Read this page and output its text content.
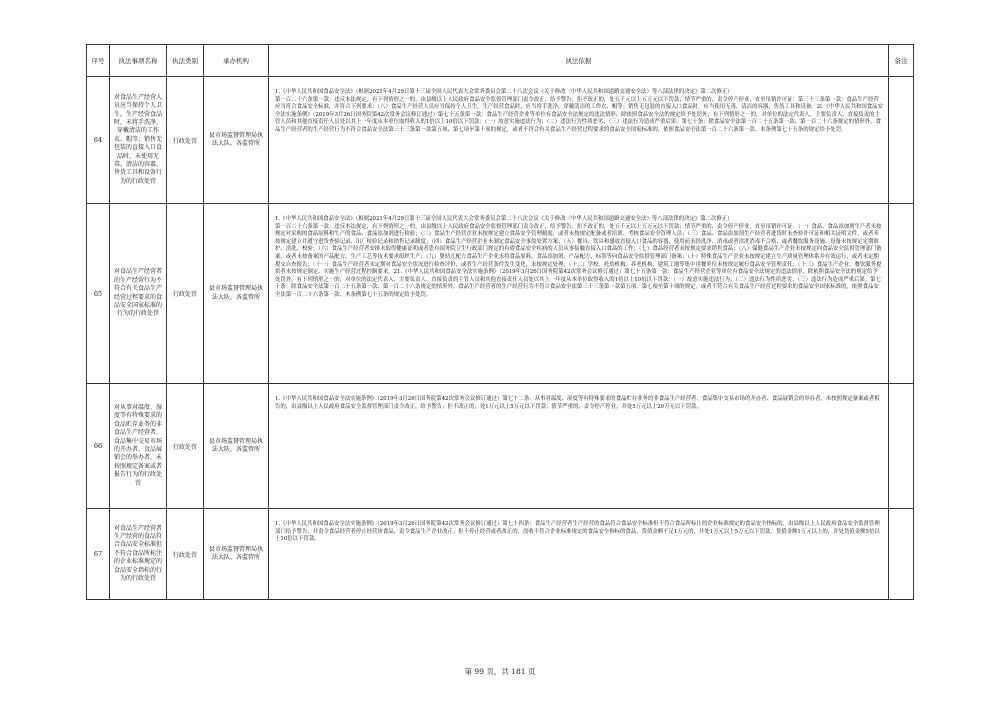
序号	执法事项名称	执法类别	承办机构	执法依据	备注
64	对食品生产经营人员应当保持个人卫生，生产经营食品时，未将手洗净，穿戴清洁的工作衣、帽等；销售无包装的直接入口食品时，未使用无毒、清洁的容器、售货工具和设备行为的行政处罚	行政处罚	县市场监督管理局执法大队、各监管所	1.《中华人民共和国食品安全法》（根据2021年4月29日第十三届全国人民代表大会常务委员会第二十八次会议《关于修改〈中华人民共和国道路交通安全法〉等八部法律的决定》第二次修正）
第一百二十六条第一款：违反本法规定，有下列情形之一的，由县级以上人民政府食品安全监督管理部门责令改正，给予警告；拒不改正的，处五千元以上五万元以下罚款；情节严重的，责令停产停业，直至吊销许可证：第三十三条第一款：食品生产经营应当符合食品安全标准，并符合下列要求：（八）食品生产经营人员应当保持个人卫生，生产经营食品时，应当将手洗净，穿戴清洁的工作衣、帽等；销售无包装的直接入口食品时，应当使用无毒、清洁的容器、售货工具和设备。2l.《中华人民共和国食品安全法实施条例》（2019年3月26日国务院第42次常务会议修订通过）第七十五条第一款：食品生产经营企业等单位有食品安全法规定的违法情形，除依照食品安全法的规定给予处罚外，有下列情形之一的，对单位的法定代表人、主要负责人、直接负责的主管人员和其他直接责任人员处以其上一年度从本单位取得收入的1倍以上10倍以下罚款：（一）故意实施违法行为；（二）违法行为性质恶劣；（三）违法行为造成严重后果。第七十条：除食品安全法第一百二十五条第一款、第一百二十六条规定的情形外，食品生产经营者的生产经营行为不符合食品安全法第三十三条第一款第五项、第七项至第十项的规定，或者不符合有关食品生产经营过程要求的食品安全国家标准的，依照食品安全法第一百二十六条第一款、本条例第七十五条的规定给予处罚。	
65	对食品生产经营者的生产经营行为不符合有关食品生产经营过程要求的食品安全国家标准的行为的行政处罚	行政处罚	县市场监督管理局执法大队、各监管所	1.《中华人民共和国食品安全法》（根据2021年4月29日第十三届全国人民代表大会常务委员会第二十八次会议《关于修改〈中华人民共和国道路交通安全法〉等八部法律的决定》第二次修正）
第一百二十六条第一款：违反本法规定，有下列情形之一的，由县级以上人民政府食品安全监督管理部门责令改正，给予警告；拒不改正的，处五千元以上五万元以下罚款；情节严重的，责令停产停业，直至吊销许可证：（一）食品、食品添加剂生产者未按规定对采购的食品原料和生产的食品、食品添加剂进行检验；（二）食品生产经营企业未按规定建立食品安全管理制度，或者未按规定配备或者培训、考核食品安全管理人员；（三）食品、食品添加剂生产经营者进货时未查验许可证和相关证明文件，或者未按规定建立并遵守进货查验记录、出厂检验记录和销售记录制度；（四）食品生产经营企业未制定食品安全事故处置方案；（五）餐具、饮具和盛放直接入口食品的容器，使用前未经洗净、消毒或者清洗消毒不合格，或者餐饮服务设施、设备未按规定定期维护、清洗、校验；（六）食品生产经营者安排未取得健康证明或者患有国务院卫生行政部门规定的有碍食品安全疾病的人员从事接触直接入口食品的工作；（七）食品经营者未按规定要求销售食品；（八）保健食品生产企业未按规定向食品安全监督管理部门备案，或者未按备案的产品配方、生产工艺等技术要求组织生产；（九）婴幼儿配方食品生产企业未将食品原料、食品添加剂、产品配方、标签等向食品安全监督管理部门备案；（十）特殊食品生产企业未按规定建立生产质量管理体系并有效运行，或者未定期提交自查报告；（十一）食品生产经营者未定期对食品安全状况进行检查评价，或者生产经营条件发生变化，未按规定处理；（十二）学校、托幼机构、养老机构、建筑工地等集中用餐单位未按规定履行食品安全管理责任；（十三）食品生产企业、餐饮服务提供者未按规定制定、实施生产经营过程控制要求。21.《中华人民共和国食品安全法实施条例》（2019年3月26日国务院第42次常务会议修订通过）第七十五条第一款：食品生产经营企业等单位有食品安全法规定的违法情形，除依照食品安全法的规定给予处罚外，有下列情形之一的，对单位的法定代表人、主要负责人、直接负责的主管人员和其他直接责任人员处以其上一年度从本单位取得收入的1倍以上10倍以下罚款：（一）故意实施违法行为；（二）违法行为性质恶劣；（三）违法行为造成严重后果。第七十条：除食品安全法第一百二十五条第一款、第一百二十六条规定的情形外，食品生产经营者的生产经营行为不符合食品安全法第三十三条第一款第五项、第七项至第十项的规定，或者不符合有关食品生产经营过程要求的食品安全国家标准的，依照食品安全法第一百二十六条第一款、本条例第七十五条的规定给予处罚。	
66	对从事对温度、湿度等有特殊要求的食品贮存业务的非食品生产经营者，食品集中交易市场的开办者、食品展销会的举办者，未按照规定备案或者报告行为的行政处罚	行政处罚	县市场监督管理局执法大队、各监管所	1.《中华人民共和国食品安全法实施条例》（2019年3月26日国务院第42次常务会议修订通过）第七十二条：从事对温度、湿度等有特殊要求的食品贮存业务的非食品生产经营者，食品集中交易市场的开办者、食品展销会的举办者，未按照规定备案或者报告的，由县级以上人民政府食品安全监督管理部门责令改正，给予警告；拒不改正的，处1万元以上5万元以下罚款；情节严重的，责令停产停业，并处5万元以上20万元以下罚款。	
67	对食品生产经营者生产经营的食品符合食品安全标准但不符合食品所标注的企业标准规定的食品安全指标的行为的行政处罚	行政处罚	县市场监督管理局执法大队、各监管所	1.《中华人民共和国食品安全法实施条例》（2019年3月26日国务院第42次常务会议修订通过）第七十四条：食品生产经营者生产经营的食品符合食品安全标准但不符合食品所标注的企业标准规定的食品安全指标的，由县级以上人民政府食品安全监督管理部门给予警告，并责令食品经营者停止经营该食品，责令食品生产企业改正；拒不停止经营或者改正的，没收不符合企业标准规定的食品安全指标的食品，货值金额不足1万元的，并处1万元以上5万元以下罚款，货值金额1万元以上的，并处货值金额5倍以上10倍以下罚款。	
第 99 页，共 181 页
